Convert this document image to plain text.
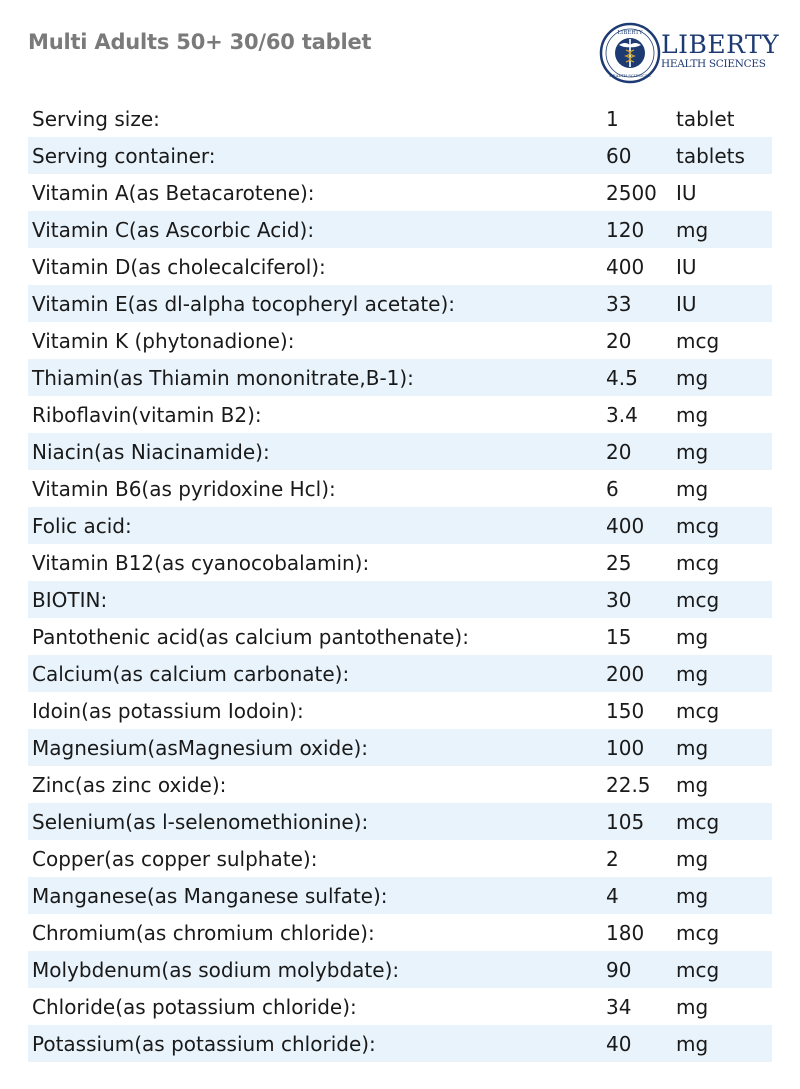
Multi Adults 50+ 30/60 tablet	LIBERTY
HEALTH SCIENCES
LIBERTY
HEALTH SCIENCES
Serving size:	1	tablet
Serving container:	60	tablets
Vitamin A(as Betacarotene):	2500 IU
Vitamin C(as Ascorbic Acid):	120	mg
Vitamin D(as cholecalciferol):	400	IU
Vitamin E(as dl-alpha tocopheryl acetate):	33	IU
Vitamin K (phytonadione):	20	mcg
Thiamin(as Thiamin mononitrate,B-1):	4.5	mg
Riboflavin(vitamin B2):	3.4	mg
Niacin(as Niacinamide):	20	mg
Vitamin B6(as pyridoxine Hcl):	6	mg
Folic acid:	400	mcg
Vitamin B12(as cyanocobalamin):	25	mcg
BIOTIN:	30	mcg
Pantothenic acid(as calcium pantothenate):	15	mg
Calcium(as calcium carbonate):	200	mg
Idoin(as potassium Iodoin):	150	mcg
Magnesium(asMagnesium oxide):	100	mg
Zinc(as zinc oxide):	22.5	mg
Selenium(as l-selenomethionine):	105	mcg
Copper(as copper sulphate):	2	mg
Manganese(as Manganese sulfate):	4	mg
Chromium(as chromium chloride):	180	mcg
Molybdenum(as sodium molybdate):	90	mcg
Chloride(as potassium chloride):	34	mg
Potassium(as potassium chloride):	40	mg
